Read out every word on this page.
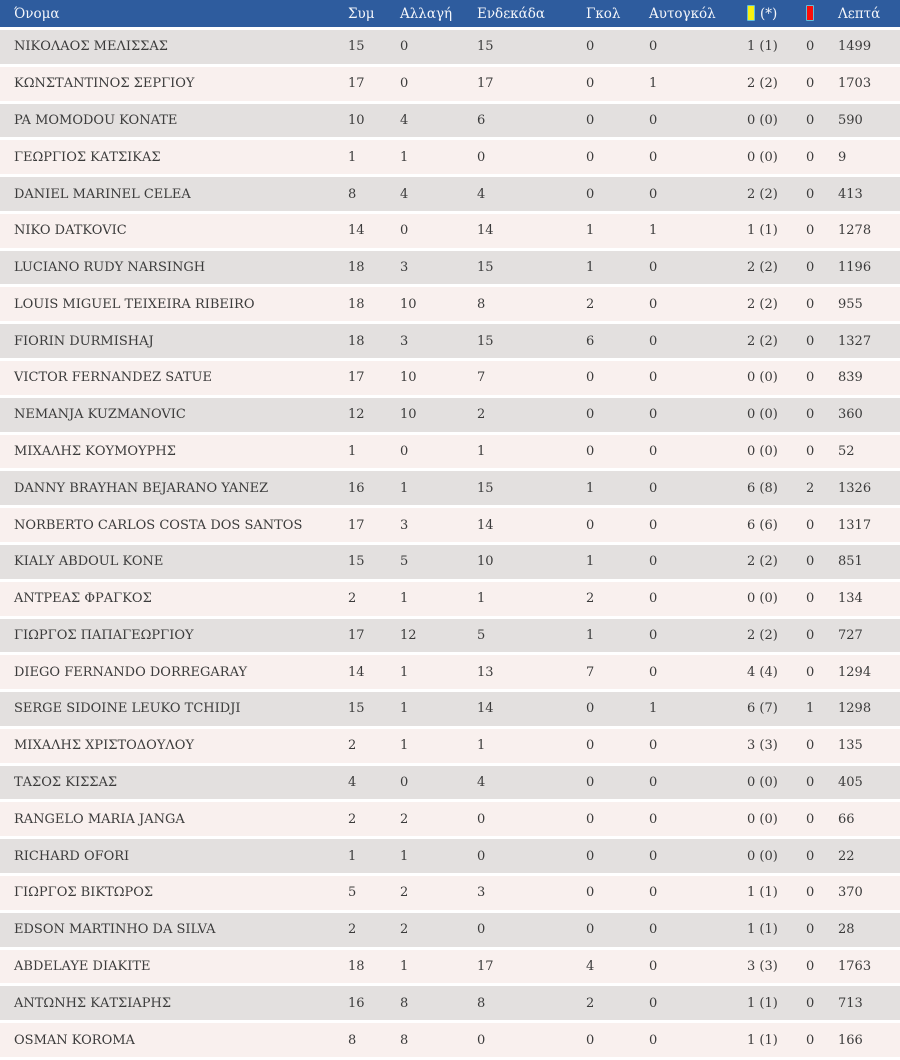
Όνομα	Συμ	Αλλαγή	Ενδεκάδα	Γκολ	Αυτογκόλ	(*)		Λεπτά
ΝΙΚΟΛΑΟΣ ΜΕΛΙΣΣΑΣ	15	0	15	0	0	1 (1)	0	1499
ΚΩΝΣΤΑΝΤΙΝΟΣ ΣΕΡΓΙΟΥ	17	0	17	0	1	2 (2)	0	1703
PA MOMODOU KONATE	10	4	6	0	0	0 (0)	0	590
ΓΕΩΡΓΙΟΣ ΚΑΤΣΙΚΑΣ	1	1	0	0	0	0 (0)	0	9
DANIEL MARINEL CELEA	8	4	4	0	0	2 (2)	0	413
NIKO DATKOVIC	14	0	14	1	1	1 (1)	0	1278
LUCIANO RUDY NARSINGH	18	3	15	1	0	2 (2)	0	1196
LOUIS MIGUEL TEIXEIRA RIBEIRO	18	10	8	2	0	2 (2)	0	955
FIORIN DURMISHAJ	18	3	15	6	0	2 (2)	0	1327
VICTOR FERNANDEZ SATUE	17	10	7	0	0	0 (0)	0	839
NEMANJA KUZMANOVIC	12	10	2	0	0	0 (0)	0	360
ΜΙΧΑΛΗΣ ΚΟΥΜΟΥΡΗΣ	1	0	1	0	0	0 (0)	0	52
DANNY BRAYHAN BEJARANO YANEZ	16	1	15	1	0	6 (8)	2	1326
NORBERTO CARLOS COSTA DOS SANTOS	17	3	14	0	0	6 (6)	0	1317
KIALY ABDOUL KONE	15	5	10	1	0	2 (2)	0	851
ΑΝΤΡΕΑΣ ΦΡΑΓΚΟΣ	2	1	1	2	0	0 (0)	0	134
ΓΙΩΡΓΟΣ ΠΑΠΑΓΕΩΡΓΙΟΥ	17	12	5	1	0	2 (2)	0	727
DIEGO FERNANDO DORREGARAY	14	1	13	7	0	4 (4)	0	1294
SERGE SIDOINE LEUKO TCHIDJI	15	1	14	0	1	6 (7)	1	1298
ΜΙΧΑΛΗΣ ΧΡΙΣΤΟΔΟΥΛΟΥ	2	1	1	0	0	3 (3)	0	135
ΤΑΣΟΣ ΚΙΣΣΑΣ	4	0	4	0	0	0 (0)	0	405
RANGELO MARIA JANGA	2	2	0	0	0	0 (0)	0	66
RICHARD OFORI	1	1	0	0	0	0 (0)	0	22
ΓΙΩΡΓΟΣ ΒΙΚΤΩΡΟΣ	5	2	3	0	0	1 (1)	0	370
EDSON MARTINHO DA SILVA	2	2	0	0	0	1 (1)	0	28
ABDELAYE DIAKITE	18	1	17	4	0	3 (3)	0	1763
ΑΝΤΩΝΗΣ ΚΑΤΣΙΑΡΗΣ	16	8	8	2	0	1 (1)	0	713
OSMAN KOROMA	8	8	0	0	0	1 (1)	0	166
